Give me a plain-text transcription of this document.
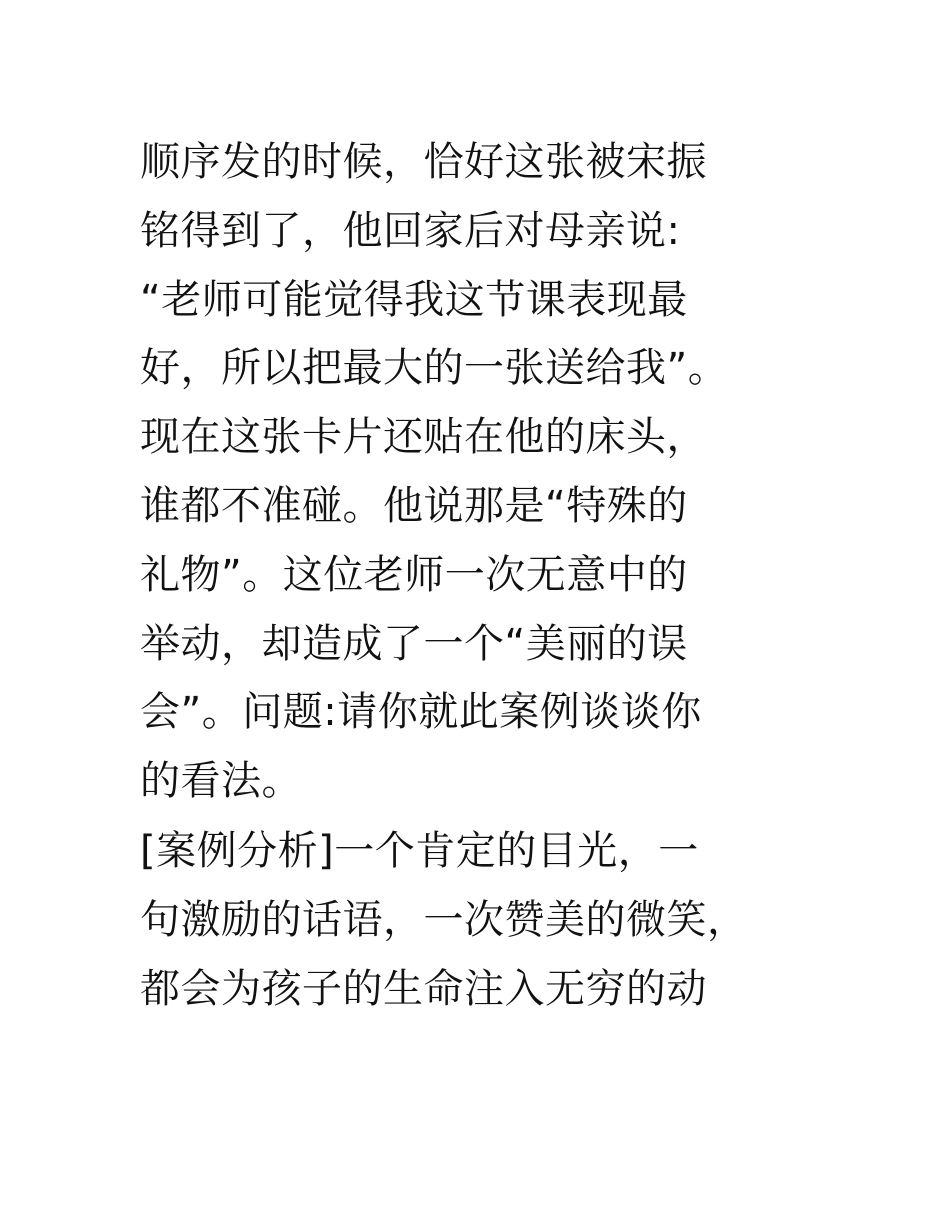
顺序发的时候，恰好这张被宋振
铭得到了，他回家后对母亲说:
“老师可能觉得我这节课表现最
好，所以把最大的一张送给我”。
现在这张卡片还贴在他的床头，
谁都不准碰。他说那是“特殊的
礼物”。这位老师一次无意中的
举动，却造成了一个“美丽的误
会”。问题:请你就此案例谈谈你
的看法。
[案例分析]一个肯定的目光，一
句激励的话语，一次赞美的微笑，
都会为孩子的生命注入无穷的动
